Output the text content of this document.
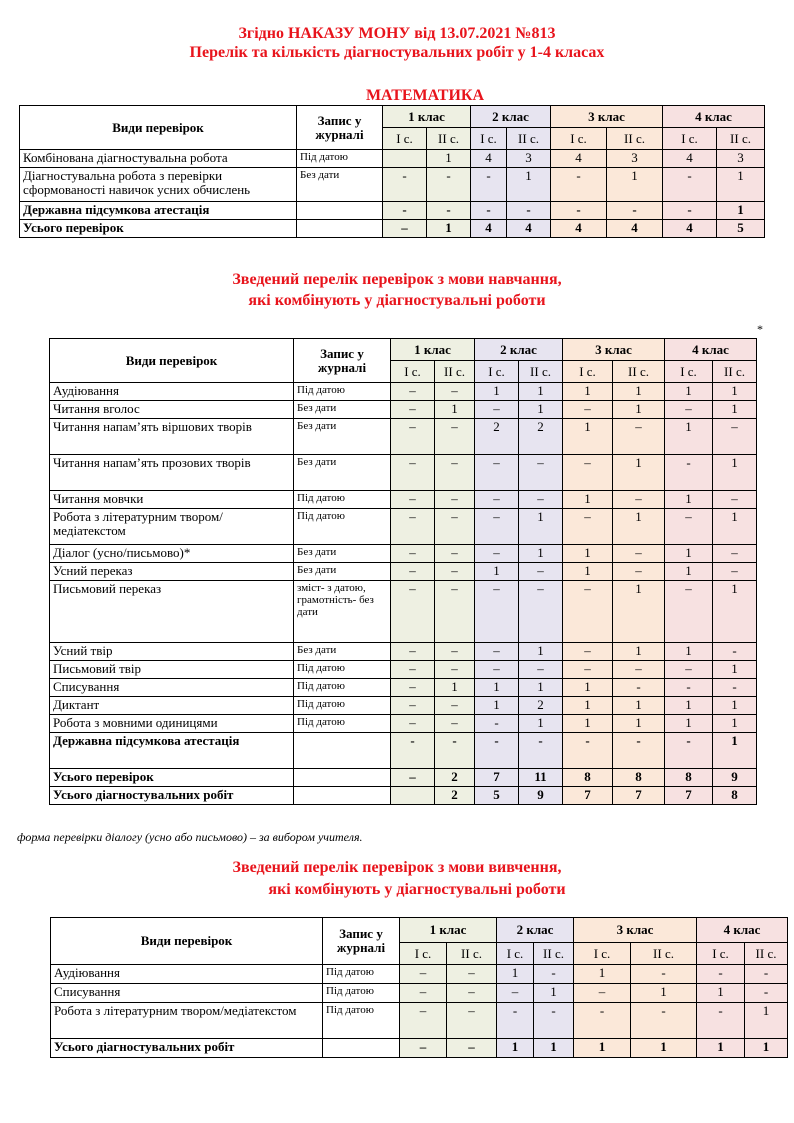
Згідно НАКАЗУ МОНУ від 13.07.2021 №813
Перелік та кількість діагностувальних робіт у 1-4 класах
МАТЕМАТИКА
Види перевірок	Запис у журналі	1 клас		2 клас		3 клас		4 клас	
		І с.	ІІ с.	І с.	ІІ с.	І с.	ІІ с.	І с.	ІІ с.
Комбінована діагностувальна робота	Під датою		1	4	3	4	3	4	3
Діагностувальна робота з перевірки сформованості навичок усних обчислень	Без дати	-	-	-	1	-	1	-	1
Державна підсумкова атестація		-	-	-	-	-	-	-	1
Усього перевірок		–	1	4	4	4	4	4	5
Зведений перелік перевірок з мови навчання,
які комбінують у діагностувальні роботи
*
Види перевірок	Запис у журналі	1 клас		2 клас		3 клас		4 клас	
		І с.	ІІ с.	І с.	ІІ с.	І с.	ІІ с.	І с.	ІІ с.
Аудіювання	Під датою	–	–	1	1	1	1	1	1
Читання вголос	Без дати	–	1	–	1	–	1	–	1
Читання напам’ять віршових творів	Без дати	–	–	2	2	1	–	1	–
Читання напам’ять прозових творів	Без дати	–	–	–	–	–	1	-	1
Читання мовчки	Під датою	–	–	–	–	1	–	1	–
Робота з літературним твором/медіатекстом	Під датою	–	–	–	1	–	1	–	1
Діалог (усно/письмово)*	Без дати	–	–	–	1	1	–	1	–
Усний переказ	Без дати	–	–	1	–	1	–	1	–
Письмовий переказ	зміст- з датою, грамотність- без дати	–	–	–	–	–	1	–	1
Усний твір	Без дати	–	–	–	1	–	1	1	-
Письмовий твір	Під датою	–	–	–	–	–	–	–	1
Списування	Під датою	–	1	1	1	1	-	-	-
Диктант	Під датою	–	–	1	2	1	1	1	1
Робота з мовними одиницями	Під датою	–	–	-	1	1	1	1	1
Державна підсумкова атестація		-	-	-	-	-	-	-	1
Усього перевірок		–	2	7	11	8	8	8	9
Усього діагностувальних робіт			2	5	9	7	7	7	8
форма перевірки діалогу (усно або письмово) – за вибором учителя.
Зведений перелік перевірок з мови вивчення,
які комбінують у діагностувальні роботи
Види перевірок	Запис у журналі	1 клас		2 клас		3 клас		4 клас	
		І с.	ІІ с.	І с.	ІІ с.	І с.	ІІ с.	І с.	ІІ с.
Аудіювання	Під датою	–	–	1	-	1	-	-	-
Списування	Під датою	–	–	–	1	–	1	1	-
Робота з літературним твором/медіатекстом	Під датою	–	–	-	-	-	-	-	1
Усього діагностувальних робіт		–	–	1	1	1	1	1	1
